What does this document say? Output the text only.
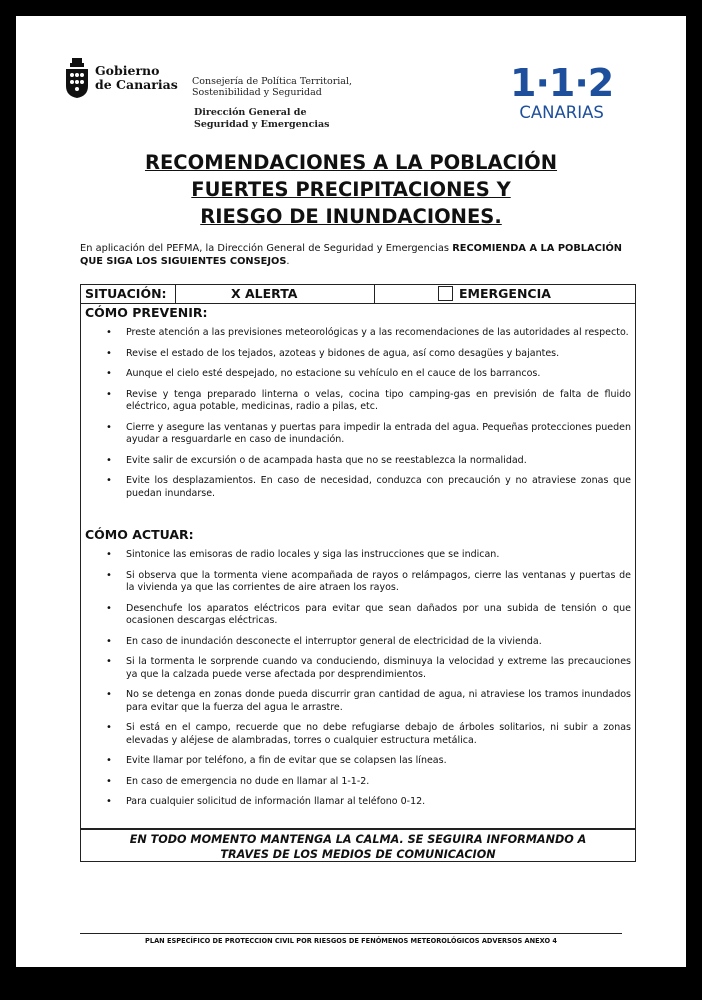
Gobierno
de Canarias Consejería de Política Territorial,
Sostenibilidad y Seguridad
Dirección General de
Seguridad y Emergencias
1·1·2
CANARIAS
RECOMENDACIONES A LA POBLACIÓN
FUERTES PRECIPITACIONES Y
RIESGO DE INUNDACIONES.
En aplicación del PEFMA, la Dirección General de Seguridad y Emergencias RECOMIENDA A LA POBLACIÓN QUE SIGA LOS SIGUIENTES CONSEJOS.
SITUACIÓN:	X ALERTA	EMERGENCIA
CÓMO PREVENIR:
• Preste atención a las previsiones meteorológicas y a las recomendaciones de las autoridades al respecto.
• Revise el estado de los tejados, azoteas y bidones de agua, así como desagües y bajantes.
• Aunque el cielo esté despejado, no estacione su vehículo en el cauce de los barrancos.
• Revise y tenga preparado linterna o velas, cocina tipo camping-gas en previsión de falta de fluido eléctrico, agua potable, medicinas, radio a pilas, etc.
• Cierre y asegure las ventanas y puertas para impedir la entrada del agua. Pequeñas protecciones pueden ayudar a resguardarle en caso de inundación.
• Evite salir de excursión o de acampada hasta que no se reestablezca la normalidad.
• Evite los desplazamientos. En caso de necesidad, conduzca con precaución y no atraviese zonas que puedan inundarse.
CÓMO ACTUAR:
• Sintonice las emisoras de radio locales y siga las instrucciones que se indican.
• Si observa que la tormenta viene acompañada de rayos o relámpagos, cierre las ventanas y puertas de la vivienda ya que las corrientes de aire atraen los rayos.
• Desenchufe los aparatos eléctricos para evitar que sean dañados por una subida de tensión o que ocasionen descargas eléctricas.
• En caso de inundación desconecte el interruptor general de electricidad de la vivienda.
• Si la tormenta le sorprende cuando va conduciendo, disminuya la velocidad y extreme las precauciones ya que la calzada puede verse afectada por desprendimientos.
• No se detenga en zonas donde pueda discurrir gran cantidad de agua, ni atraviese los tramos inundados para evitar que la fuerza del agua le arrastre.
• Si está en el campo, recuerde que no debe refugiarse debajo de árboles solitarios, ni subir a zonas elevadas y aléjese de alambradas, torres o cualquier estructura metálica.
• Evite llamar por teléfono, a fin de evitar que se colapsen las líneas.
• En caso de emergencia no dude en llamar al 1-1-2.
• Para cualquier solicitud de información llamar al teléfono 0-12.
EN TODO MOMENTO MANTENGA LA CALMA. SE SEGUIRA INFORMANDO A
TRAVES DE LOS MEDIOS DE COMUNICACION
PLAN ESPECÍFICO DE PROTECCION CIVIL POR RIESGOS DE FENÓMENOS METEOROLÓGICOS ADVERSOS ANEXO 4
